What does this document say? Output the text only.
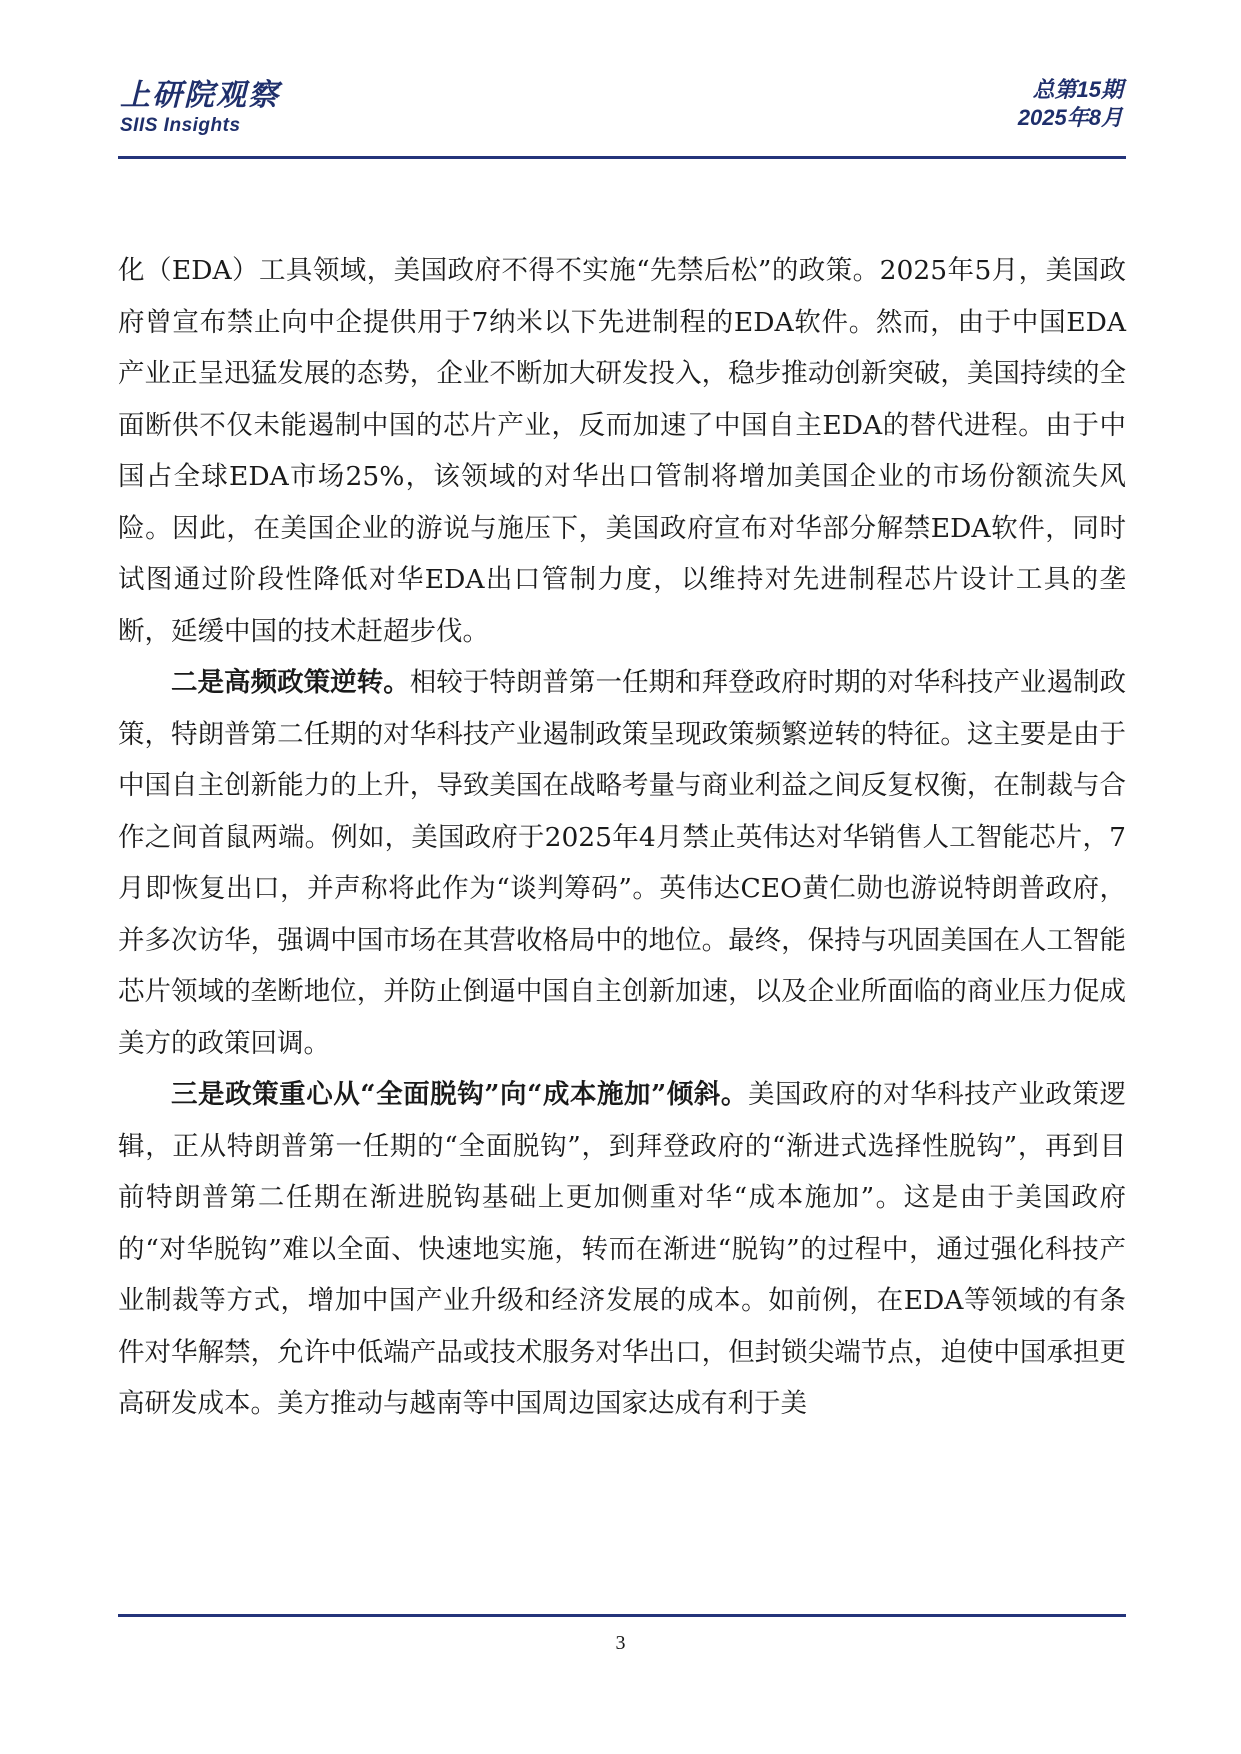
上研院观察
SIIS Insights
总第15期
2025年8月

化（EDA）工具领域，美国政府不得不实施“先禁后松”的政策。2025年5月，美国政府曾宣布禁止向中企提供用于7纳米以下先进制程的EDA软件。然而，由于中国EDA产业正呈迅猛发展的态势，企业不断加大研发投入，稳步推动创新突破，美国持续的全面断供不仅未能遏制中国的芯片产业，反而加速了中国自主EDA的替代进程。由于中国占全球EDA市场25%，该领域的对华出口管制将增加美国企业的市场份额流失风险。因此，在美国企业的游说与施压下，美国政府宣布对华部分解禁EDA软件，同时试图通过阶段性降低对华EDA出口管制力度，以维持对先进制程芯片设计工具的垄断，延缓中国的技术赶超步伐。

二是高频政策逆转。相较于特朗普第一任期和拜登政府时期的对华科技产业遏制政策，特朗普第二任期的对华科技产业遏制政策呈现政策频繁逆转的特征。这主要是由于中国自主创新能力的上升，导致美国在战略考量与商业利益之间反复权衡，在制裁与合作之间首鼠两端。例如，美国政府于2025年4月禁止英伟达对华销售人工智能芯片，7月即恢复出口，并声称将此作为“谈判筹码”。英伟达CEO黄仁勋也游说特朗普政府，并多次访华，强调中国市场在其营收格局中的地位。最终，保持与巩固美国在人工智能芯片领域的垄断地位，并防止倒逼中国自主创新加速，以及企业所面临的商业压力促成美方的政策回调。

三是政策重心从“全面脱钩”向“成本施加”倾斜。美国政府的对华科技产业政策逻辑，正从特朗普第一任期的“全面脱钩”，到拜登政府的“渐进式选择性脱钩”，再到目前特朗普第二任期在渐进脱钩基础上更加侧重对华“成本施加”。这是由于美国政府的“对华脱钩”难以全面、快速地实施，转而在渐进“脱钩”的过程中，通过强化科技产业制裁等方式，增加中国产业升级和经济发展的成本。如前例，在EDA等领域的有条件对华解禁，允许中低端产品或技术服务对华出口，但封锁尖端节点，迫使中国承担更高研发成本。美方推动与越南等中国周边国家达成有利于美

3
